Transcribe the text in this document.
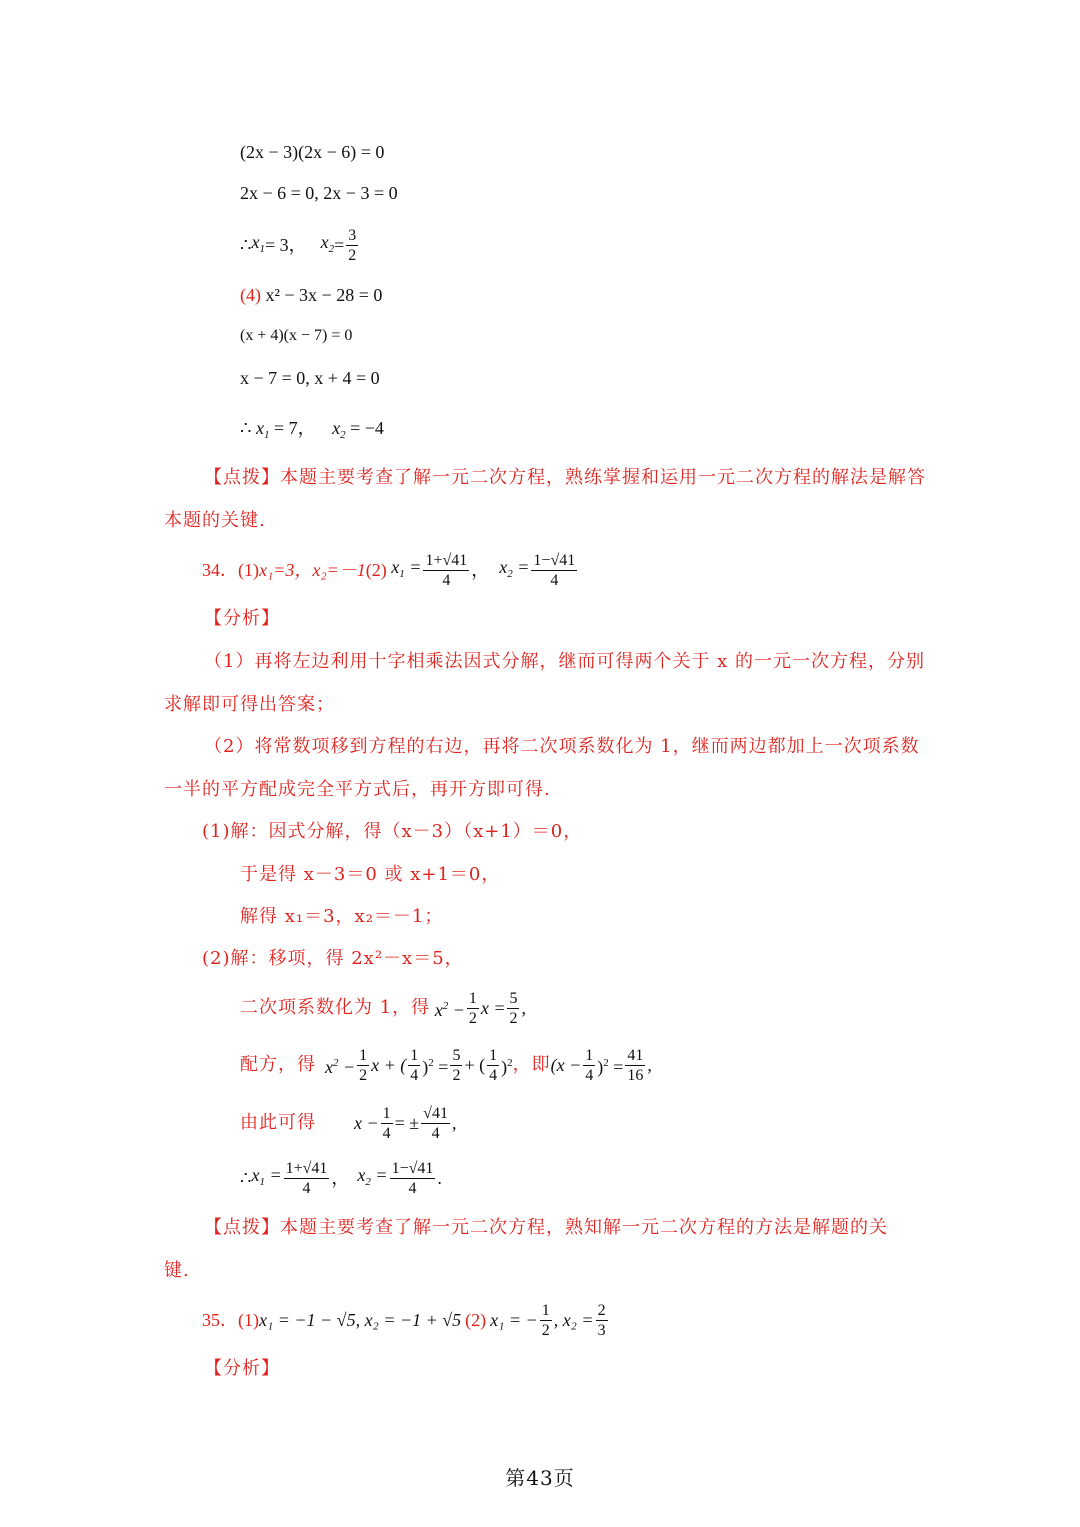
(2x − 3)(2x − 6) = 0
2x − 6 = 0, 2x − 3 = 0
∴ $x_1 = 3$， $x_2 = \frac{3}{2}$
(4) x² − 3x − 28 = 0
(x + 4)(x − 7) = 0
x − 7 = 0, x + 4 = 0
∴ $x_1 = 7$， $x_2 = -4$
【点拨】本题主要考查了解一元二次方程，熟练掌握和运用一元二次方程的解法是解答
本题的关键.
34．(1) x₁=3，x₂=－1 (2) $x_1 = \frac{1+√41}{4}$ ， $x_2 = \frac{1-√41}{4}$
【分析】
（1）再将左边利用十字相乘法因式分解，继而可得两个关于 x 的一元一次方程，分别
求解即可得出答案；
（2）将常数项移到方程的右边，再将二次项系数化为 1，继而两边都加上一次项系数
一半的平方配成完全平方式后，再开方即可得.
(1)解：因式分解，得（x－3）（x+1）＝0，
于是得 x－3＝0 或 x+1＝0，
解得 x₁＝3，x₂＝－1；
(2)解：移项，得 2x²－x＝5，
二次项系数化为 1，得 $x^2 - \frac{1}{2}$ $x = \frac{5}{2}$ ,
配方，得 $x^2 - \frac{1}{2}$ x + ( $\frac{1}{4} )^2 = \frac{5}{2}$ + ( $\frac{1}{4} )^2$ ，即 $(x - \frac{1}{4} )^2 = \frac{41}{16}$ ,
由此可得 $x - \frac{1}{4}$ = ± $\frac{√41}{4}$ ,
∴ $x_1 = \frac{1+√41}{4}$ ， $x_2 = \frac{1-√41}{4}$ .
【点拨】本题主要考查了解一元二次方程，熟知解一元二次方程的方法是解题的关
键.
35．(1) x₁ = −1 − √5, x₂ = −1 + √5 (2) x₁ = − $\frac{1}{2}$ , $x_2 = \frac{2}{3}$
【分析】
第43页
